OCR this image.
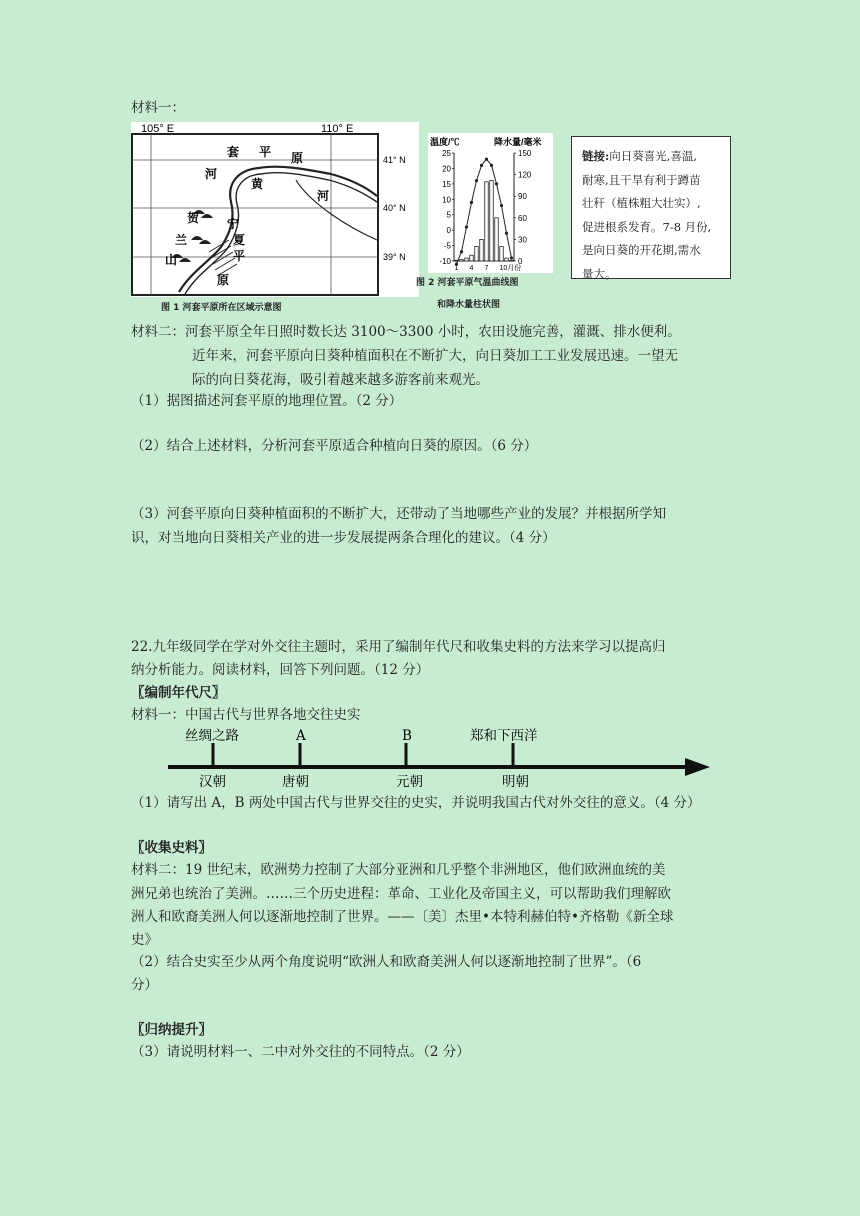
材料一：
105° E	110° E
41° N
40° N
39° N
套 平 原
河
黄
河
贺 宁
兰	夏
平
山
原
图 1 河套平原所在区域示意图
温度/℃	降水量/毫米
25
20
15
10
5
0
-5
-10
150
120
90
60
30
0
1 4 7 10月份
图 2 河套平原气温曲线图
和降水量柱状图

链接:向日葵喜光,喜温,

耐寒,且干旱有利于蹲苗

壮秆（植株粗大壮实）,

促进根系发育。7-8 月份,

是向日葵的开花期,需水

量大。

材料二：河套平原全年日照时数长达 3100～3300 小时，农田设施完善，灌溉、排水便利。
近年来，河套平原向日葵种植面积在不断扩大，向日葵加工工业发展迅速。一望无
际的向日葵花海，吸引着越来越多游客前来观光。
（1）据图描述河套平原的地理位置。（2 分）
（2）结合上述材料，分析河套平原适合种植向日葵的原因。（6 分）
（3）河套平原向日葵种植面积的不断扩大，还带动了当地哪些产业的发展？并根据所学知
识，对当地向日葵相关产业的进一步发展提两条合理化的建议。（4 分）
22.九年级同学在学对外交往主题时，采用了编制年代尺和收集史料的方法来学习以提高归
纳分析能力。阅读材料，回答下列问题。（12 分）
〖编制年代尺〗
材料一：中国古代与世界各地交往史实
丝绸之路	A	B	郑和下西洋
汉朝	唐朝	元朝	明朝
（1）请写出 A，B 两处中国古代与世界交往的史实，并说明我国古代对外交往的意义。（4 分）
〖收集史料〗
材料二：19 世纪末，欧洲势力控制了大部分亚洲和几乎整个非洲地区，他们欧洲血统的美
洲兄弟也统治了美洲。……三个历史进程：革命、工业化及帝国主义，可以帮助我们理解欧
洲人和欧裔美洲人何以逐渐地控制了世界。——〔美〕杰里•本特利赫伯特•齐格勒《新全球
史》
（2）结合史实至少从两个角度说明“欧洲人和欧裔美洲人何以逐渐地控制了世界”。（6
分）
〖归纳提升〗
（3）请说明材料一、二中对外交往的不同特点。（2 分）
